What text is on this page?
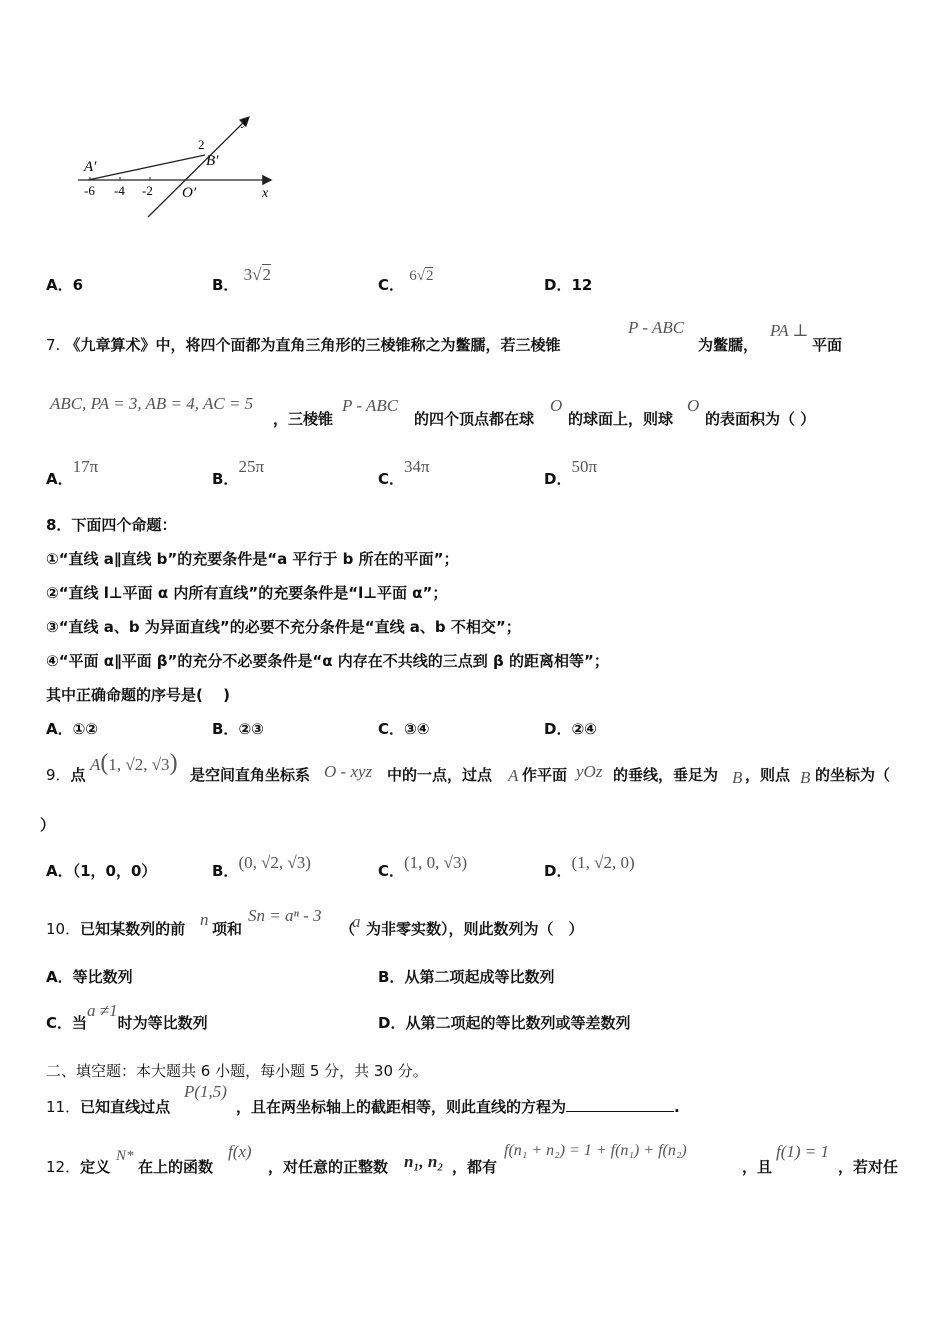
x
y
A′	B′
O′
-6 -4 -2
2
A．6	B． 3√2
C． 6√2	D．12
7. 《九章算术》中，将四个面都为直角三角形的三棱锥称之为鳖臑，若三棱锥
P - ABC
为鳖臑，
PA ⊥
平面
ABC, PA = 3, AB = 4, AC = 5
，三棱锥
P - ABC
的四个顶点都在球
O
的球面上，则球
O
的表面积为（ ）
A．17π
B．25π
C．34π
D．50π
8．下面四个命题：
①“直线 a∥直线 b”的充要条件是“a 平行于 b 所在的平面”；
②“直线 l⊥平面 α 内所有直线”的充要条件是“l⊥平面 α”；
③“直线 a、b 为异面直线”的必要不充分条件是“直线 a、b 不相交”；
④“平面 α∥平面 β”的充分不必要条件是“α 内存在不共线的三点到 β 的距离相等”；
其中正确命题的序号是(　 )
A．①②	B．②③	C．③④	D．②④
9．点
A(1, √2, √3) 是空间直角坐标系 O - xyz 中的一点，过点 A 作平面 yOz 的垂线，垂足为 B ，则点 B 的坐标为（
）
A．（1，0，0）	B．(0, √2, √3)	C．(1, 0, √3)	D．(1, √2, 0)
10．已知某数列的前 n 项和
Sn = aⁿ - 3
（
a 为非零实数），则此数列为（　）
A．等比数列	B．从第二项起成等比数列
C．当a ≠1时为等比数列	D．从第二项起的等比数列或等差数列
二、填空题：本大题共 6 小题，每小题 5 分，共 30 分。
11．已知直线过点
P(1,5)
，且在两坐标轴上的截距相等，则此直线的方程为	.
12．定义
N*
在上的函数
f(x)
，对任意的正整数 n₁, n₂ ，都有
f(n₁ + n₂) = 1 + f(n₁) + f(n₂)
，且
f(1) = 1
，若对任
